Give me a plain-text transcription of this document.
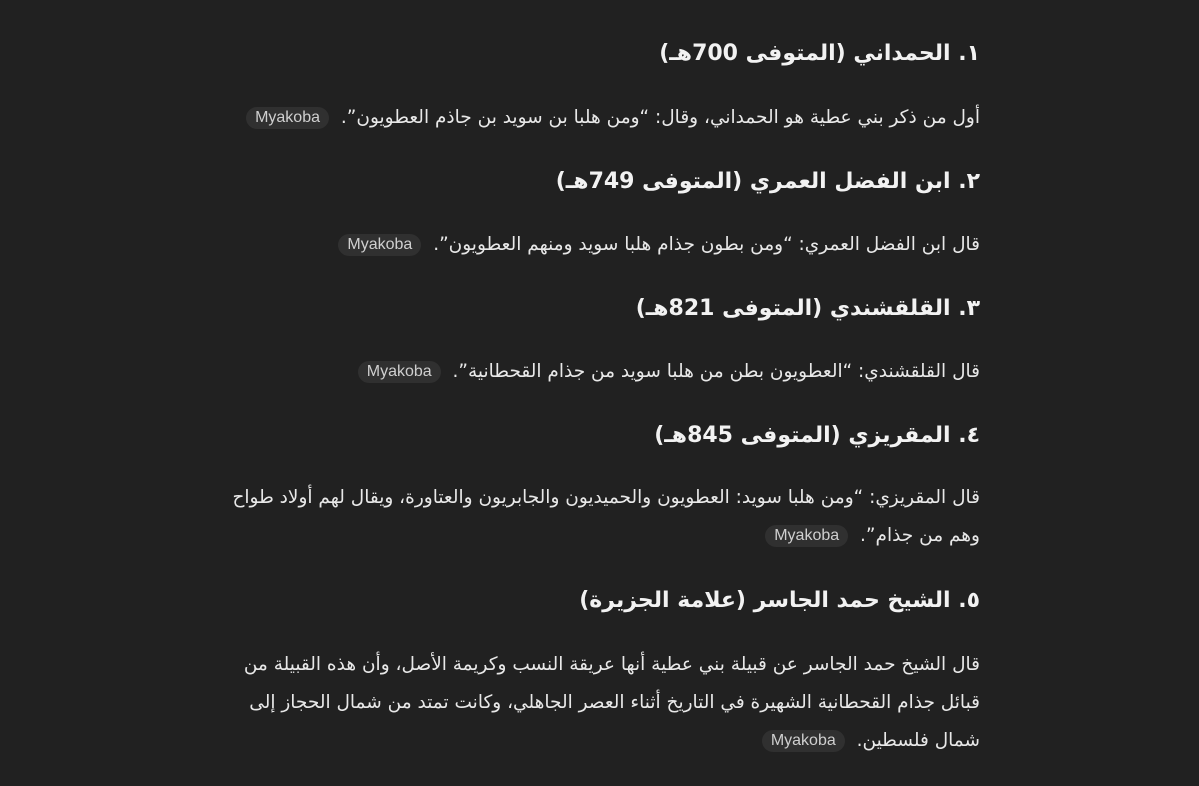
١. الحمداني (المتوفى 700هـ)
أول من ذكر بني عطية هو الحمداني، وقال: “ومن هلبا بن سويد بن جاذم العطويون”. Myakoba
٢. ابن الفضل العمري (المتوفى 749هـ)
قال ابن الفضل العمري: “ومن بطون جذام هلبا سويد ومنهم العطويون”. Myakoba
٣. القلقشندي (المتوفى 821هـ)
قال القلقشندي: “العطويون بطن من هلبا سويد من جذام القحطانية”. Myakoba
٤. المقريزي (المتوفى 845هـ)
قال المقريزي: “ومن هلبا سويد: العطويون والحميديون والجابريون والعتاورة، ويقال لهم أولاد طواح وهم من جذام”. Myakoba
٥. الشيخ حمد الجاسر (علامة الجزيرة)
قال الشيخ حمد الجاسر عن قبيلة بني عطية أنها عريقة النسب وكريمة الأصل، وأن هذه القبيلة من قبائل جذام القحطانية الشهيرة في التاريخ أثناء العصر الجاهلي، وكانت تمتد من شمال الحجاز إلى شمال فلسطين. Myakoba
